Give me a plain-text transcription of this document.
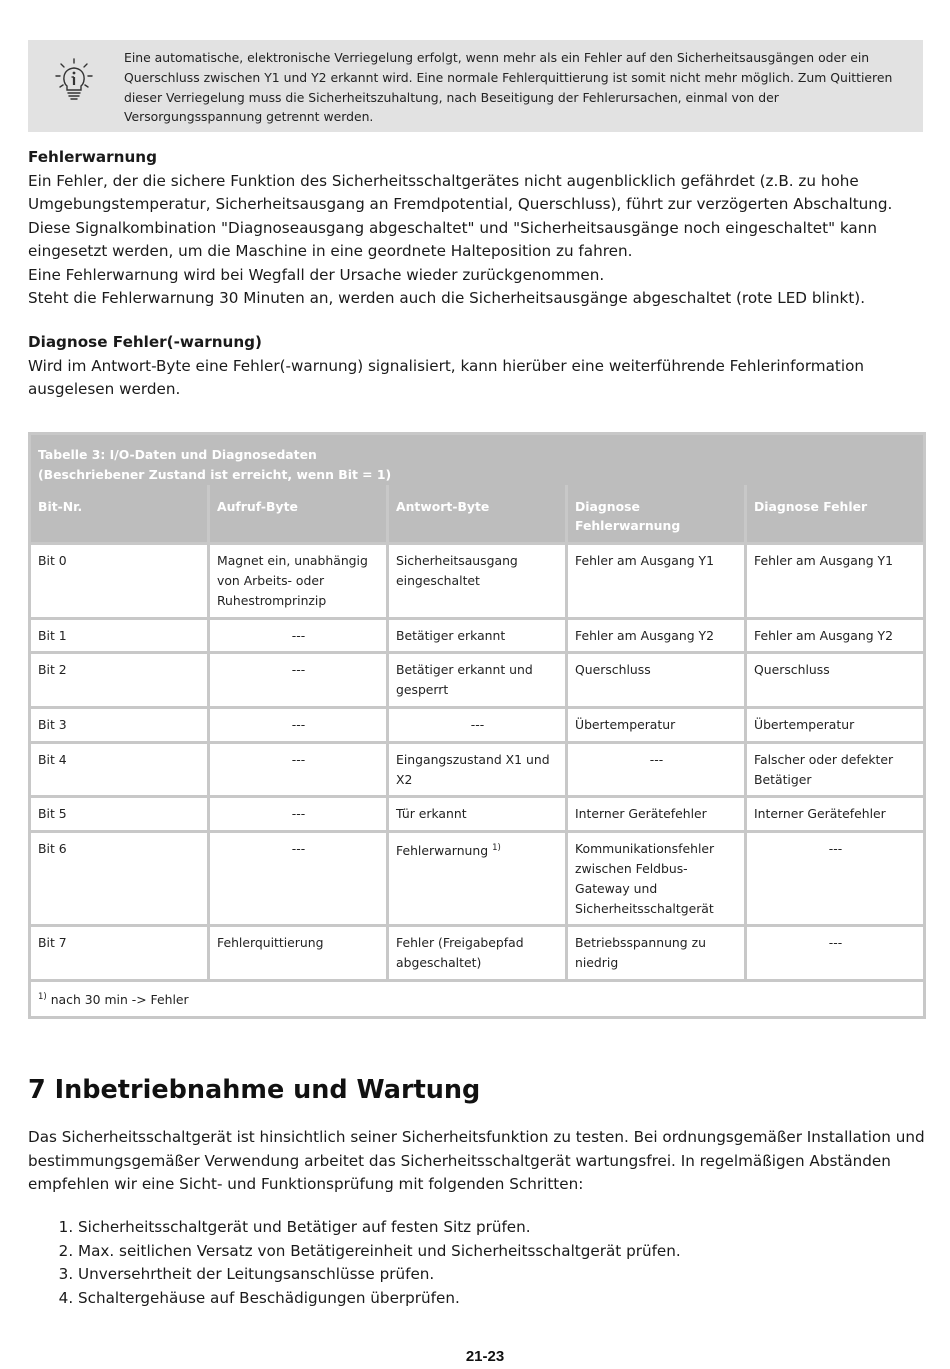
Eine automatische, elektronische Verriegelung erfolgt, wenn mehr als ein Fehler auf den Sicherheitsausgängen oder ein Querschluss zwischen Y1 und Y2 erkannt wird. Eine normale Fehlerquittierung ist somit nicht mehr möglich. Zum Quittieren dieser Verriegelung muss die Sicherheitszuhaltung, nach Beseitigung der Fehlerursachen, einmal von der Versorgungsspannung getrennt werden.
Fehlerwarnung

Ein Fehler, der die sichere Funktion des Sicherheitsschaltgerätes nicht augenblicklich gefährdet (z.B. zu hohe Umgebungstemperatur, Sicherheitsausgang an Fremdpotential, Querschluss), führt zur verzögerten Abschaltung. Diese Signalkombination "Diagnoseausgang abgeschaltet" und "Sicherheitsausgänge noch eingeschaltet" kann eingesetzt werden, um die Maschine in eine geordnete Halteposition zu fahren.

Eine Fehlerwarnung wird bei Wegfall der Ursache wieder zurückgenommen.

Steht die Fehlerwarnung 30 Minuten an, werden auch die Sicherheitsausgänge abgeschaltet (rote LED blinkt).

Diagnose Fehler(-warnung)

Wird im Antwort-Byte eine Fehler(-warnung) signalisiert, kann hierüber eine weiterführende Fehlerinformation ausgelesen werden.

Tabelle 3: I/O-Daten und Diagnosedaten
(Beschriebener Zustand ist erreicht, wenn Bit = 1)				

Bit-Nr.	Aufruf-Byte	Antwort-Byte	Diagnose Fehlerwarnung	Diagnose Fehler
Bit 0	Magnet ein, unabhängig von Arbeits- oder Ruhestromprinzip	Sicherheitsausgang eingeschaltet	Fehler am Ausgang Y1	Fehler am Ausgang Y1
Bit 1	---	Betätiger erkannt	Fehler am Ausgang Y2	Fehler am Ausgang Y2
Bit 2	---	Betätiger erkannt und gesperrt	Querschluss	Querschluss
Bit 3	---	---	Übertemperatur	Übertemperatur
Bit 4	---	Eingangszustand X1 und X2	---	Falscher oder defekter Betätiger
Bit 5	---	Tür erkannt	Interner Gerätefehler	Interner Gerätefehler
Bit 6	---	Fehlerwarnung $^{1)}$	Kommunikationsfehler zwischen Feldbus-Gateway und Sicherheitsschaltgerät	---
Bit 7	Fehlerquittierung	Fehler (Freigabepfad abgeschaltet)	Betriebsspannung zu niedrig	---
$^{1)}$ nach 30 min -> Fehler				
7 Inbetriebnahme und Wartung

Das Sicherheitsschaltgerät ist hinsichtlich seiner Sicherheitsfunktion zu testen. Bei ordnungsgemäßer Installation und bestimmungsgemäßer Verwendung arbeitet das Sicherheitsschaltgerät wartungsfrei. In regelmäßigen Abständen empfehlen wir eine Sicht- und Funktionsprüfung mit folgenden Schritten:

1. Sicherheitsschaltgerät und Betätiger auf festen Sitz prüfen.
2. Max. seitlichen Versatz von Betätigereinheit und Sicherheitsschaltgerät prüfen.
3. Unversehrtheit der Leitungsanschlüsse prüfen.
4. Schaltergehäuse auf Beschädigungen überprüfen.
21-23
